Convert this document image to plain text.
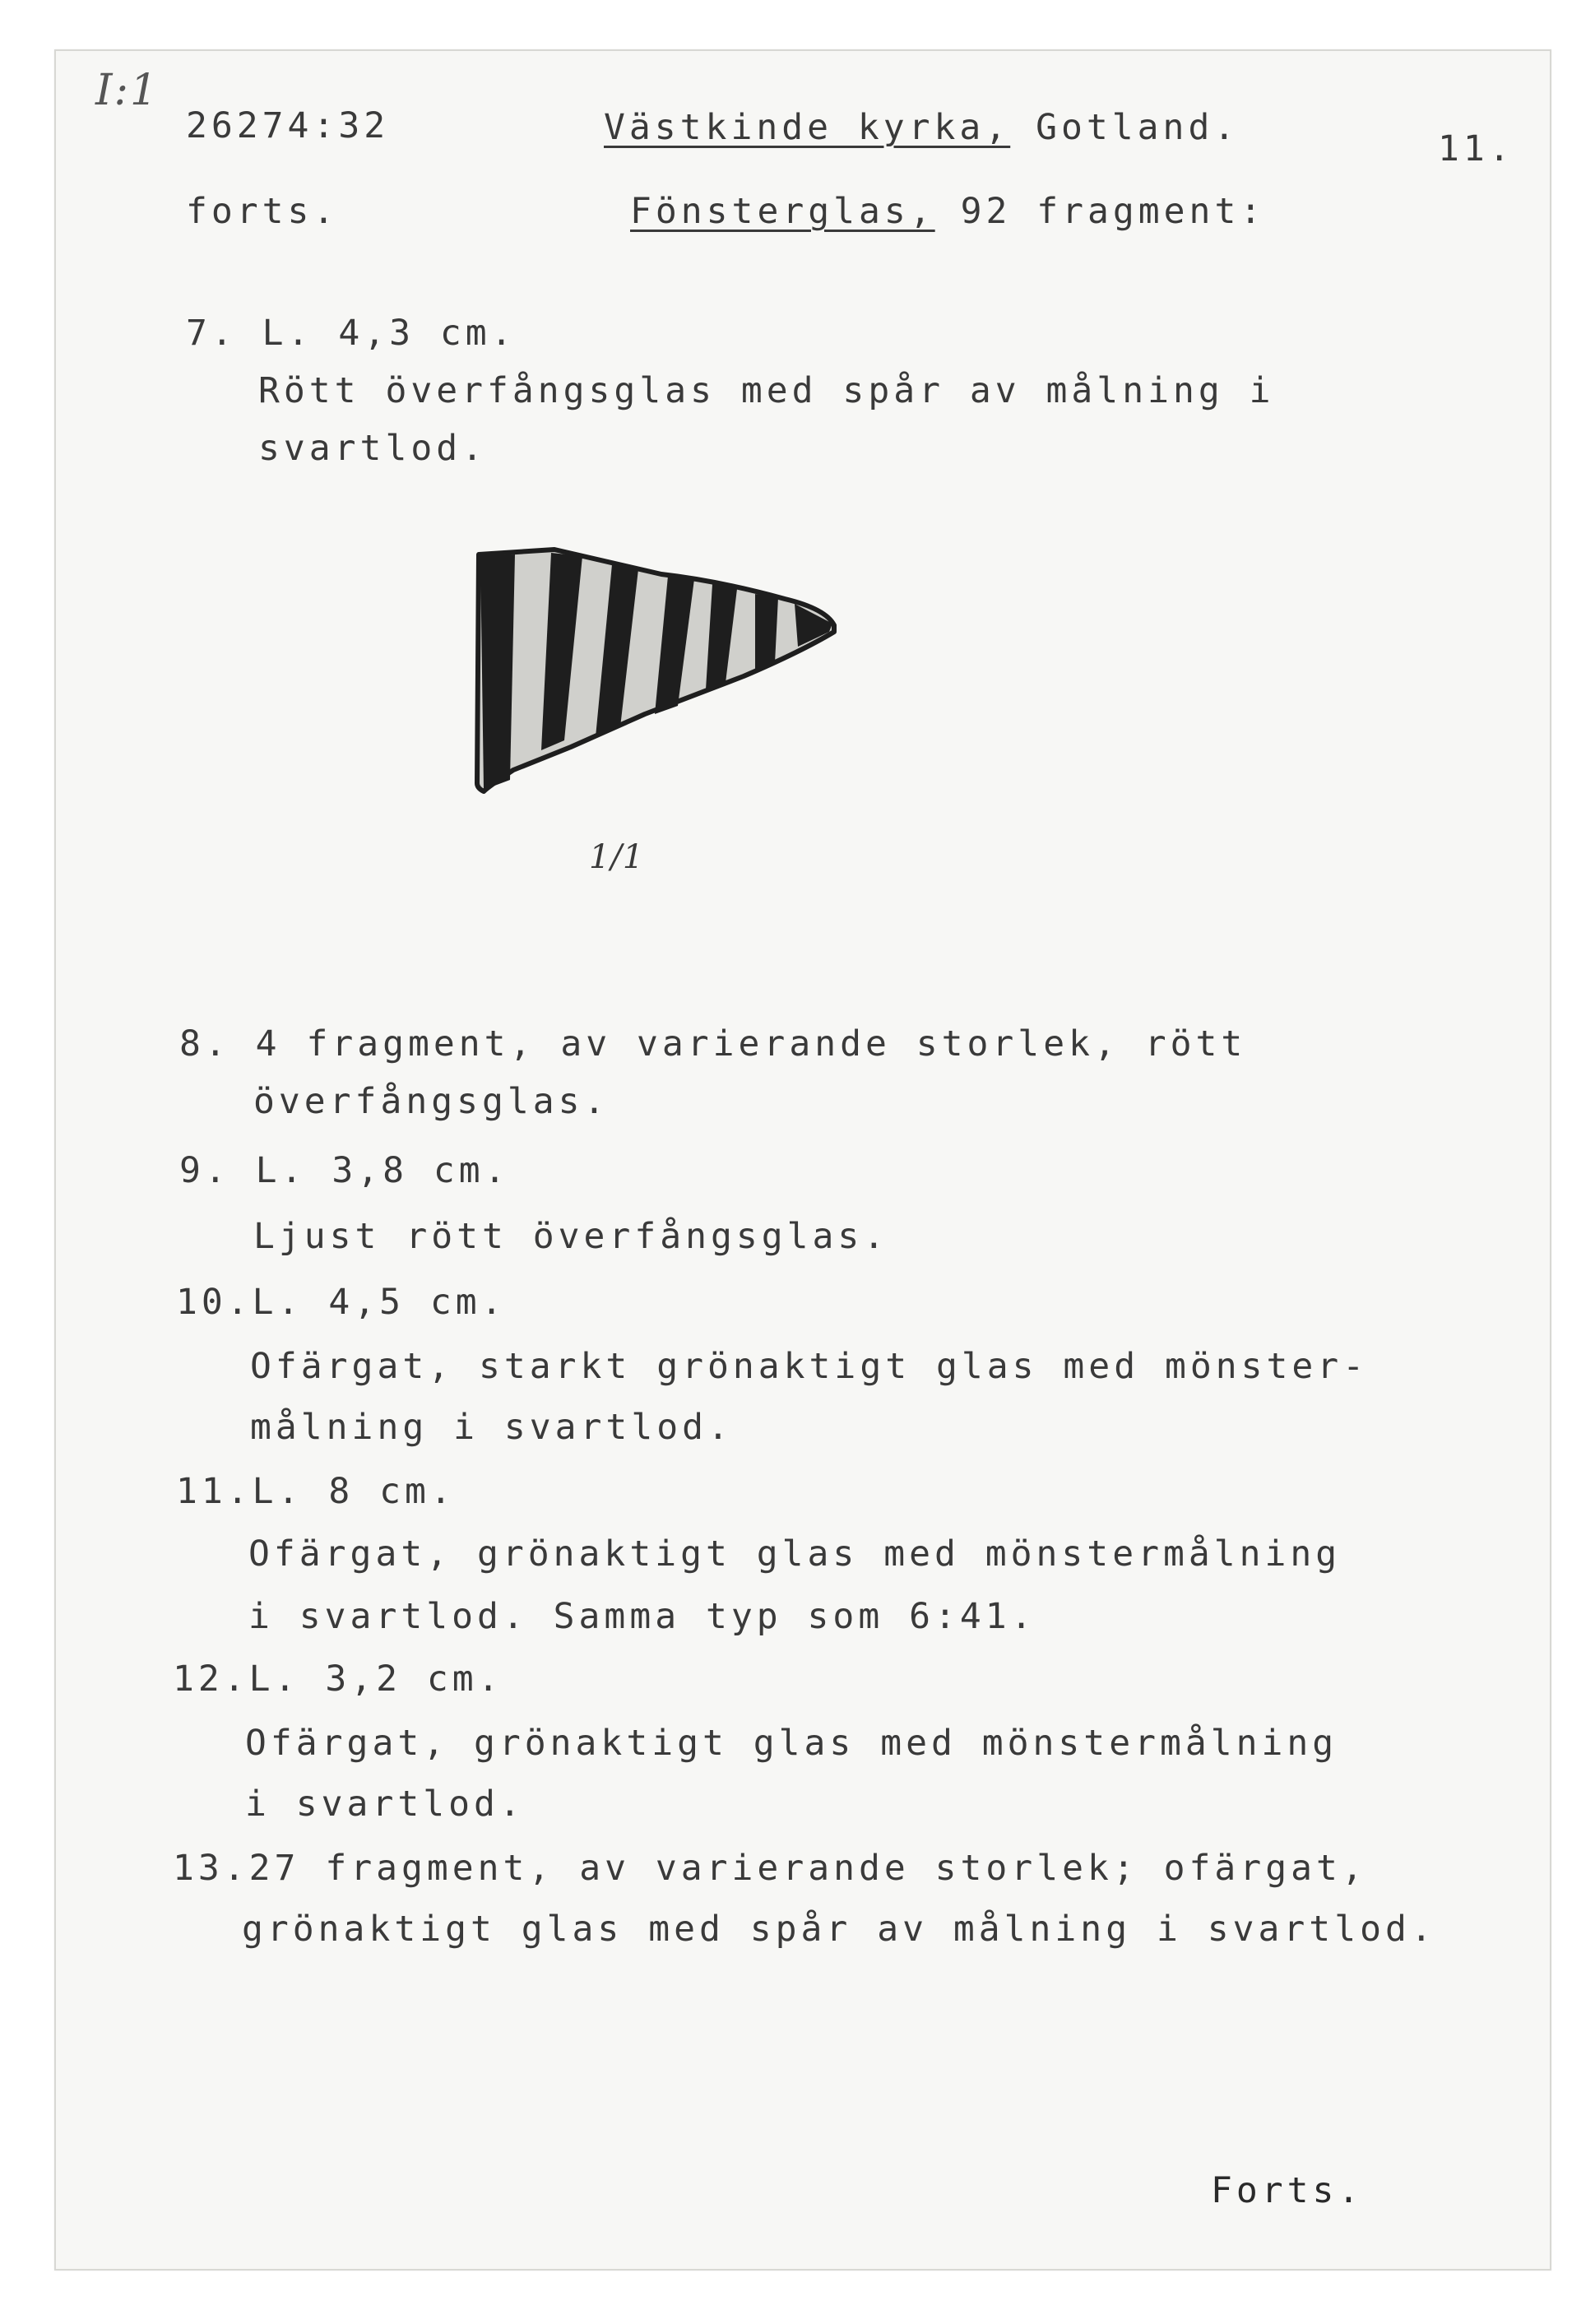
I:1
26274:32	Västkinde kyrka, Gotland.
11.
forts.	Fönsterglas, 92 fragment:
7. L. 4,3 cm.
Rött överfångsglas med spår av målning i
svartlod.
1/1
8. 4 fragment, av varierande storlek, rött
överfångsglas.
9. L. 3,8 cm.
Ljust rött överfångsglas.
10.L. 4,5 cm.
Ofärgat, starkt grönaktigt glas med mönster-
målning i svartlod.
11.L. 8 cm.
Ofärgat, grönaktigt glas med mönstermålning
i svartlod. Samma typ som 6:41.
12.L. 3,2 cm.
Ofärgat, grönaktigt glas med mönstermålning
i svartlod.
13.27 fragment, av varierande storlek; ofärgat,
grönaktigt glas med spår av målning i svartlod.
Forts.
